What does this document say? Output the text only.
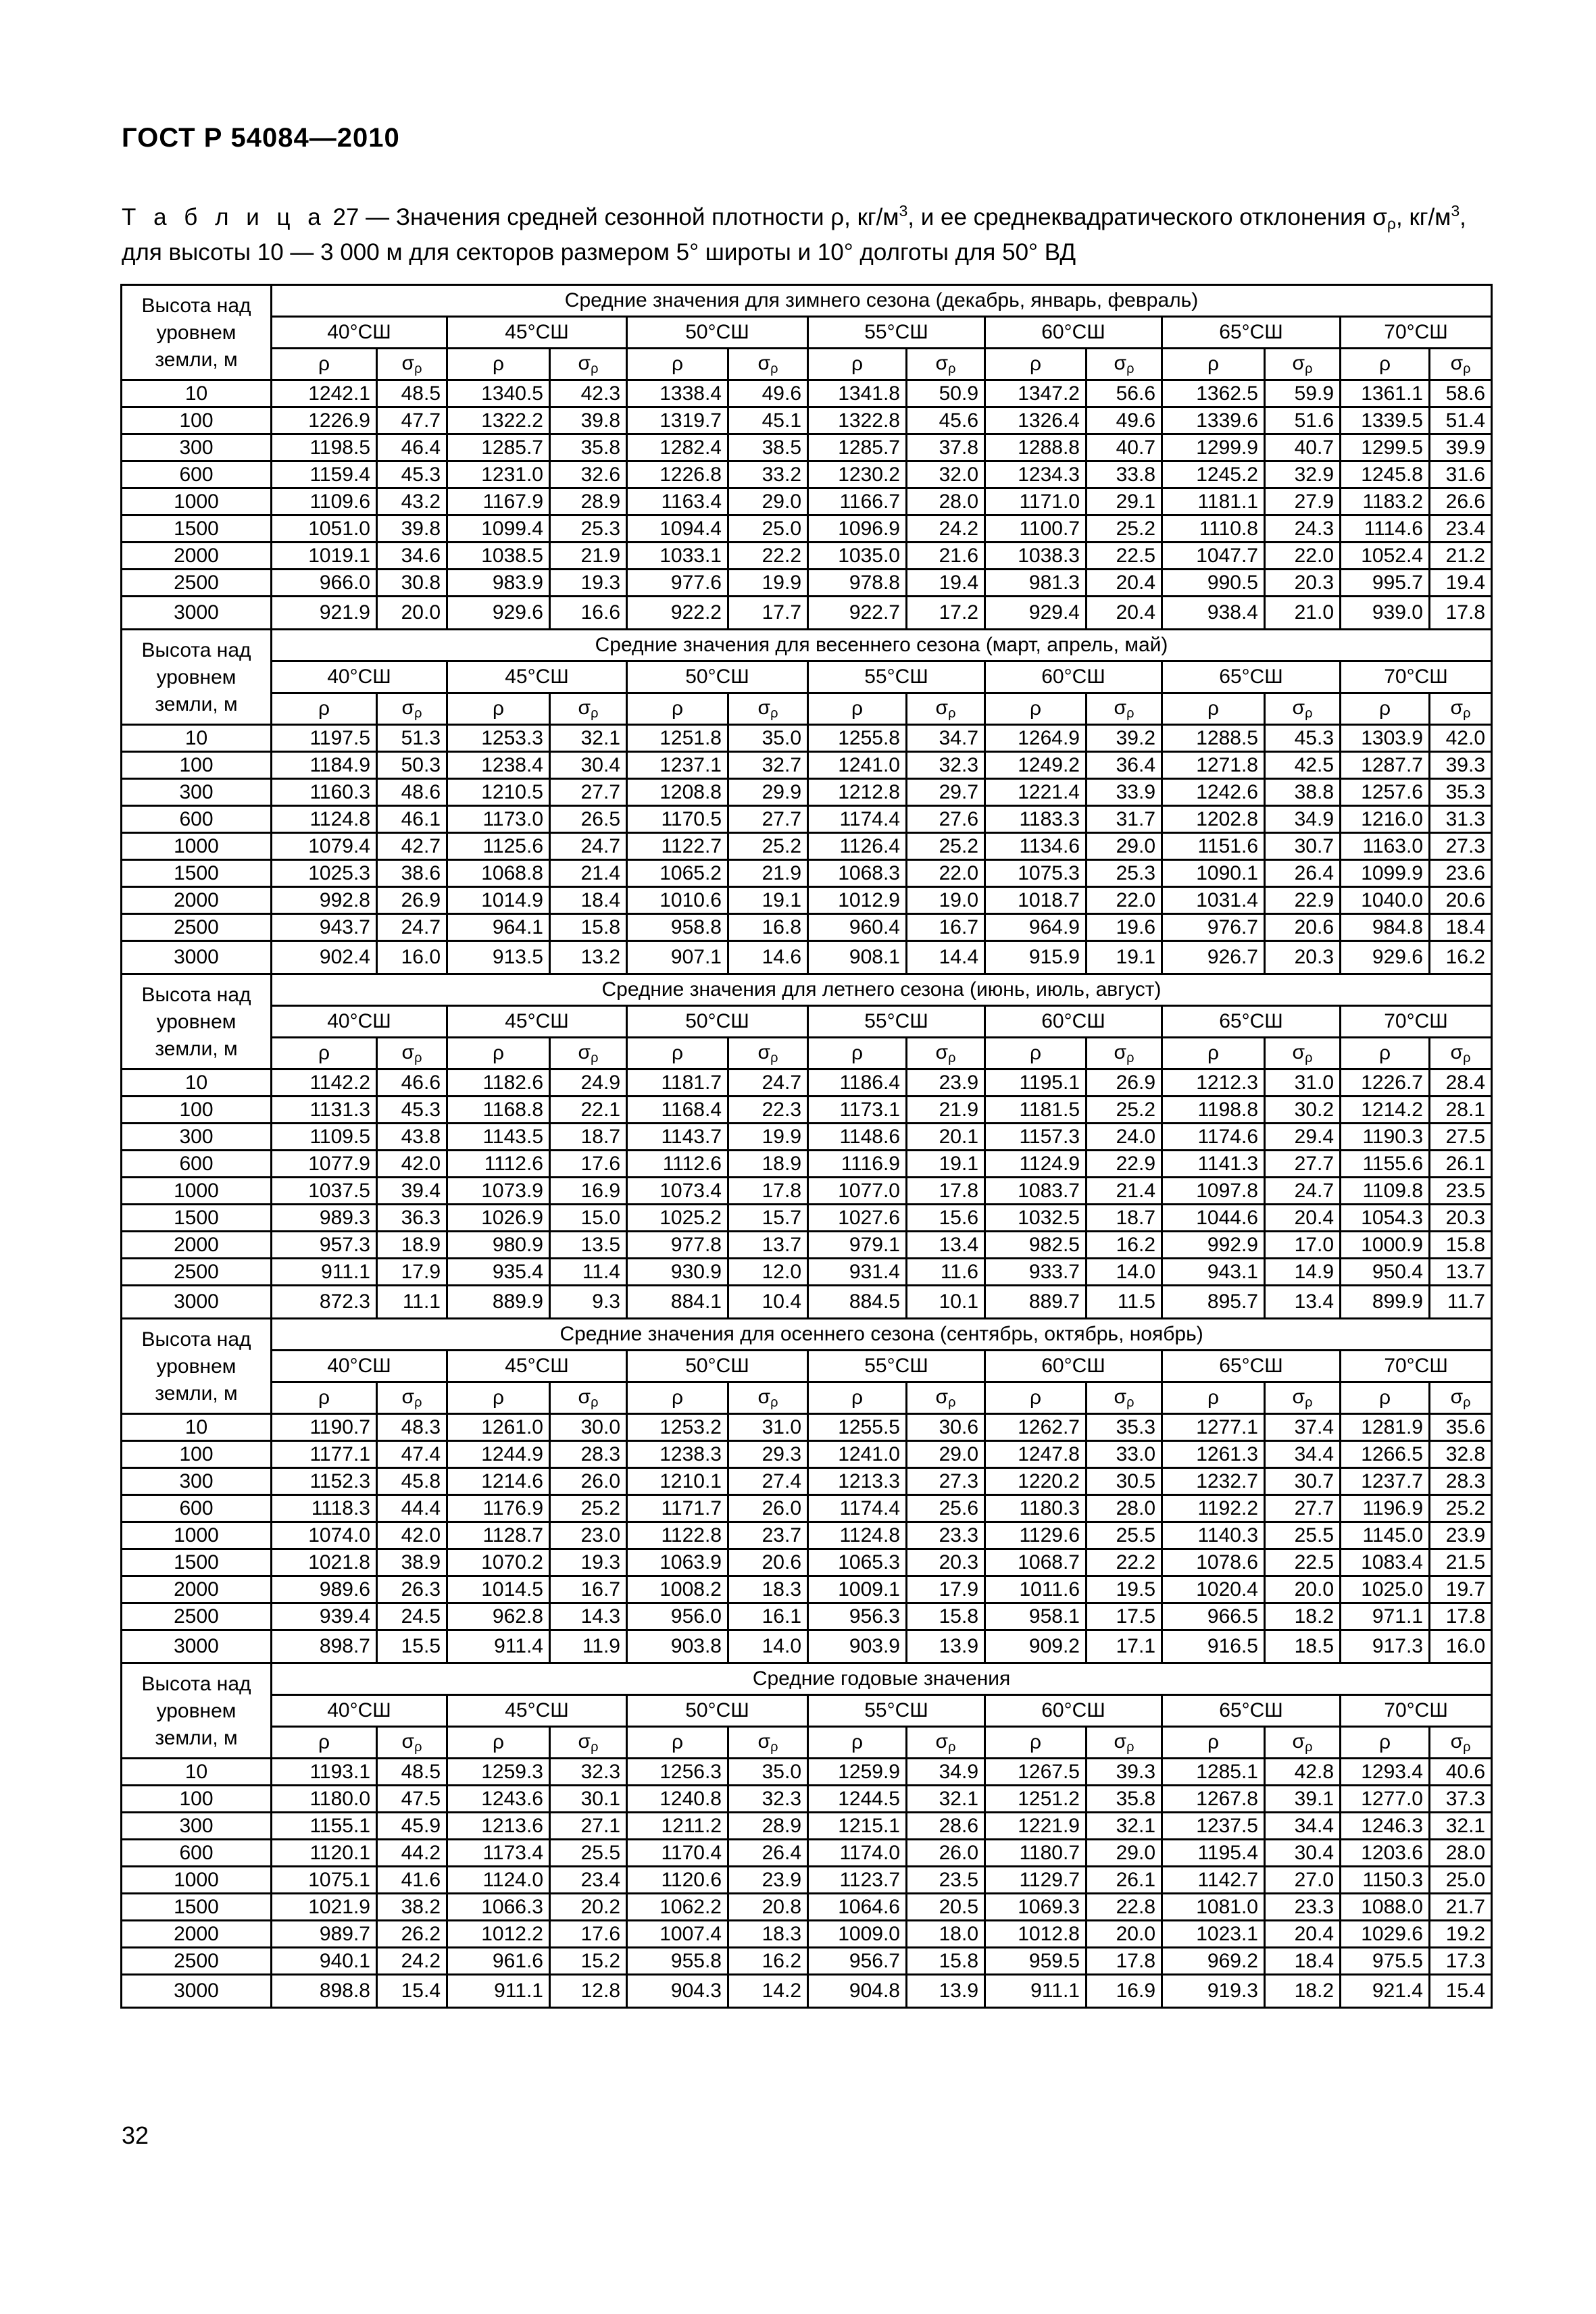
ГОСТ Р 54084—2010
Т а б л и ц а 27 — Значения средней сезонной плотности ρ, $кг/м^3$, и ее среднеквадратического отклонения $\sigma_\rho$, $кг/м^3$, для высоты 10 — 3 000 м для секторов размером 5° широты и 10° долготы для 50° ВД
Высота над уровнем земли, м	Средние значения для зимнего сезона (декабрь, январь, февраль)													
	40°СШ		45°СШ		50°СШ		55°СШ		60°СШ		65°СШ		70°СШ	
	ρ	$\sigma_\rho$	ρ	$\sigma_\rho$	ρ	$\sigma_\rho$	ρ	$\sigma_\rho$	ρ	$\sigma_\rho$	ρ	$\sigma_\rho$	ρ	$\sigma_\rho$
10	1242.1	48.5	1340.5	42.3	1338.4	49.6	1341.8	50.9	1347.2	56.6	1362.5	59.9	1361.1	58.6
100	1226.9	47.7	1322.2	39.8	1319.7	45.1	1322.8	45.6	1326.4	49.6	1339.6	51.6	1339.5	51.4
300	1198.5	46.4	1285.7	35.8	1282.4	38.5	1285.7	37.8	1288.8	40.7	1299.9	40.7	1299.5	39.9
600	1159.4	45.3	1231.0	32.6	1226.8	33.2	1230.2	32.0	1234.3	33.8	1245.2	32.9	1245.8	31.6
1000	1109.6	43.2	1167.9	28.9	1163.4	29.0	1166.7	28.0	1171.0	29.1	1181.1	27.9	1183.2	26.6
1500	1051.0	39.8	1099.4	25.3	1094.4	25.0	1096.9	24.2	1100.7	25.2	1110.8	24.3	1114.6	23.4
2000	1019.1	34.6	1038.5	21.9	1033.1	22.2	1035.0	21.6	1038.3	22.5	1047.7	22.0	1052.4	21.2
2500	966.0	30.8	983.9	19.3	977.6	19.9	978.8	19.4	981.3	20.4	990.5	20.3	995.7	19.4
3000	921.9	20.0	929.6	16.6	922.2	17.7	922.7	17.2	929.4	20.4	938.4	21.0	939.0	17.8
Высота над уровнем земли, м	Средние значения для весеннего сезона (март, апрель, май)													
	40°СШ		45°СШ		50°СШ		55°СШ		60°СШ		65°СШ		70°СШ	
	ρ	$\sigma_\rho$	ρ	$\sigma_\rho$	ρ	$\sigma_\rho$	ρ	$\sigma_\rho$	ρ	$\sigma_\rho$	ρ	$\sigma_\rho$	ρ	$\sigma_\rho$
10	1197.5	51.3	1253.3	32.1	1251.8	35.0	1255.8	34.7	1264.9	39.2	1288.5	45.3	1303.9	42.0
100	1184.9	50.3	1238.4	30.4	1237.1	32.7	1241.0	32.3	1249.2	36.4	1271.8	42.5	1287.7	39.3
300	1160.3	48.6	1210.5	27.7	1208.8	29.9	1212.8	29.7	1221.4	33.9	1242.6	38.8	1257.6	35.3
600	1124.8	46.1	1173.0	26.5	1170.5	27.7	1174.4	27.6	1183.3	31.7	1202.8	34.9	1216.0	31.3
1000	1079.4	42.7	1125.6	24.7	1122.7	25.2	1126.4	25.2	1134.6	29.0	1151.6	30.7	1163.0	27.3
1500	1025.3	38.6	1068.8	21.4	1065.2	21.9	1068.3	22.0	1075.3	25.3	1090.1	26.4	1099.9	23.6
2000	992.8	26.9	1014.9	18.4	1010.6	19.1	1012.9	19.0	1018.7	22.0	1031.4	22.9	1040.0	20.6
2500	943.7	24.7	964.1	15.8	958.8	16.8	960.4	16.7	964.9	19.6	976.7	20.6	984.8	18.4
3000	902.4	16.0	913.5	13.2	907.1	14.6	908.1	14.4	915.9	19.1	926.7	20.3	929.6	16.2
Высота над уровнем земли, м	Средние значения для летнего сезона (июнь, июль, август)													
	40°СШ		45°СШ		50°СШ		55°СШ		60°СШ		65°СШ		70°СШ	
	ρ	$\sigma_\rho$	ρ	$\sigma_\rho$	ρ	$\sigma_\rho$	ρ	$\sigma_\rho$	ρ	$\sigma_\rho$	ρ	$\sigma_\rho$	ρ	$\sigma_\rho$
10	1142.2	46.6	1182.6	24.9	1181.7	24.7	1186.4	23.9	1195.1	26.9	1212.3	31.0	1226.7	28.4
100	1131.3	45.3	1168.8	22.1	1168.4	22.3	1173.1	21.9	1181.5	25.2	1198.8	30.2	1214.2	28.1
300	1109.5	43.8	1143.5	18.7	1143.7	19.9	1148.6	20.1	1157.3	24.0	1174.6	29.4	1190.3	27.5
600	1077.9	42.0	1112.6	17.6	1112.6	18.9	1116.9	19.1	1124.9	22.9	1141.3	27.7	1155.6	26.1
1000	1037.5	39.4	1073.9	16.9	1073.4	17.8	1077.0	17.8	1083.7	21.4	1097.8	24.7	1109.8	23.5
1500	989.3	36.3	1026.9	15.0	1025.2	15.7	1027.6	15.6	1032.5	18.7	1044.6	20.4	1054.3	20.3
2000	957.3	18.9	980.9	13.5	977.8	13.7	979.1	13.4	982.5	16.2	992.9	17.0	1000.9	15.8
2500	911.1	17.9	935.4	11.4	930.9	12.0	931.4	11.6	933.7	14.0	943.1	14.9	950.4	13.7
3000	872.3	11.1	889.9	9.3	884.1	10.4	884.5	10.1	889.7	11.5	895.7	13.4	899.9	11.7
Высота над уровнем земли, м	Средние значения для осеннего сезона (сентябрь, октябрь, ноябрь)													
	40°СШ		45°СШ		50°СШ		55°СШ		60°СШ		65°СШ		70°СШ	
	ρ	$\sigma_\rho$	ρ	$\sigma_\rho$	ρ	$\sigma_\rho$	ρ	$\sigma_\rho$	ρ	$\sigma_\rho$	ρ	$\sigma_\rho$	ρ	$\sigma_\rho$
10	1190.7	48.3	1261.0	30.0	1253.2	31.0	1255.5	30.6	1262.7	35.3	1277.1	37.4	1281.9	35.6
100	1177.1	47.4	1244.9	28.3	1238.3	29.3	1241.0	29.0	1247.8	33.0	1261.3	34.4	1266.5	32.8
300	1152.3	45.8	1214.6	26.0	1210.1	27.4	1213.3	27.3	1220.2	30.5	1232.7	30.7	1237.7	28.3
600	1118.3	44.4	1176.9	25.2	1171.7	26.0	1174.4	25.6	1180.3	28.0	1192.2	27.7	1196.9	25.2
1000	1074.0	42.0	1128.7	23.0	1122.8	23.7	1124.8	23.3	1129.6	25.5	1140.3	25.5	1145.0	23.9
1500	1021.8	38.9	1070.2	19.3	1063.9	20.6	1065.3	20.3	1068.7	22.2	1078.6	22.5	1083.4	21.5
2000	989.6	26.3	1014.5	16.7	1008.2	18.3	1009.1	17.9	1011.6	19.5	1020.4	20.0	1025.0	19.7
2500	939.4	24.5	962.8	14.3	956.0	16.1	956.3	15.8	958.1	17.5	966.5	18.2	971.1	17.8
3000	898.7	15.5	911.4	11.9	903.8	14.0	903.9	13.9	909.2	17.1	916.5	18.5	917.3	16.0
Высота над уровнем земли, м	Средние годовые значения													
	40°СШ		45°СШ		50°СШ		55°СШ		60°СШ		65°СШ		70°СШ	
	ρ	$\sigma_\rho$	ρ	$\sigma_\rho$	ρ	$\sigma_\rho$	ρ	$\sigma_\rho$	ρ	$\sigma_\rho$	ρ	$\sigma_\rho$	ρ	$\sigma_\rho$
10	1193.1	48.5	1259.3	32.3	1256.3	35.0	1259.9	34.9	1267.5	39.3	1285.1	42.8	1293.4	40.6
100	1180.0	47.5	1243.6	30.1	1240.8	32.3	1244.5	32.1	1251.2	35.8	1267.8	39.1	1277.0	37.3
300	1155.1	45.9	1213.6	27.1	1211.2	28.9	1215.1	28.6	1221.9	32.1	1237.5	34.4	1246.3	32.1
600	1120.1	44.2	1173.4	25.5	1170.4	26.4	1174.0	26.0	1180.7	29.0	1195.4	30.4	1203.6	28.0
1000	1075.1	41.6	1124.0	23.4	1120.6	23.9	1123.7	23.5	1129.7	26.1	1142.7	27.0	1150.3	25.0
1500	1021.9	38.2	1066.3	20.2	1062.2	20.8	1064.6	20.5	1069.3	22.8	1081.0	23.3	1088.0	21.7
2000	989.7	26.2	1012.2	17.6	1007.4	18.3	1009.0	18.0	1012.8	20.0	1023.1	20.4	1029.6	19.2
2500	940.1	24.2	961.6	15.2	955.8	16.2	956.7	15.8	959.5	17.8	969.2	18.4	975.5	17.3
3000	898.8	15.4	911.1	12.8	904.3	14.2	904.8	13.9	911.1	16.9	919.3	18.2	921.4	15.4
32
